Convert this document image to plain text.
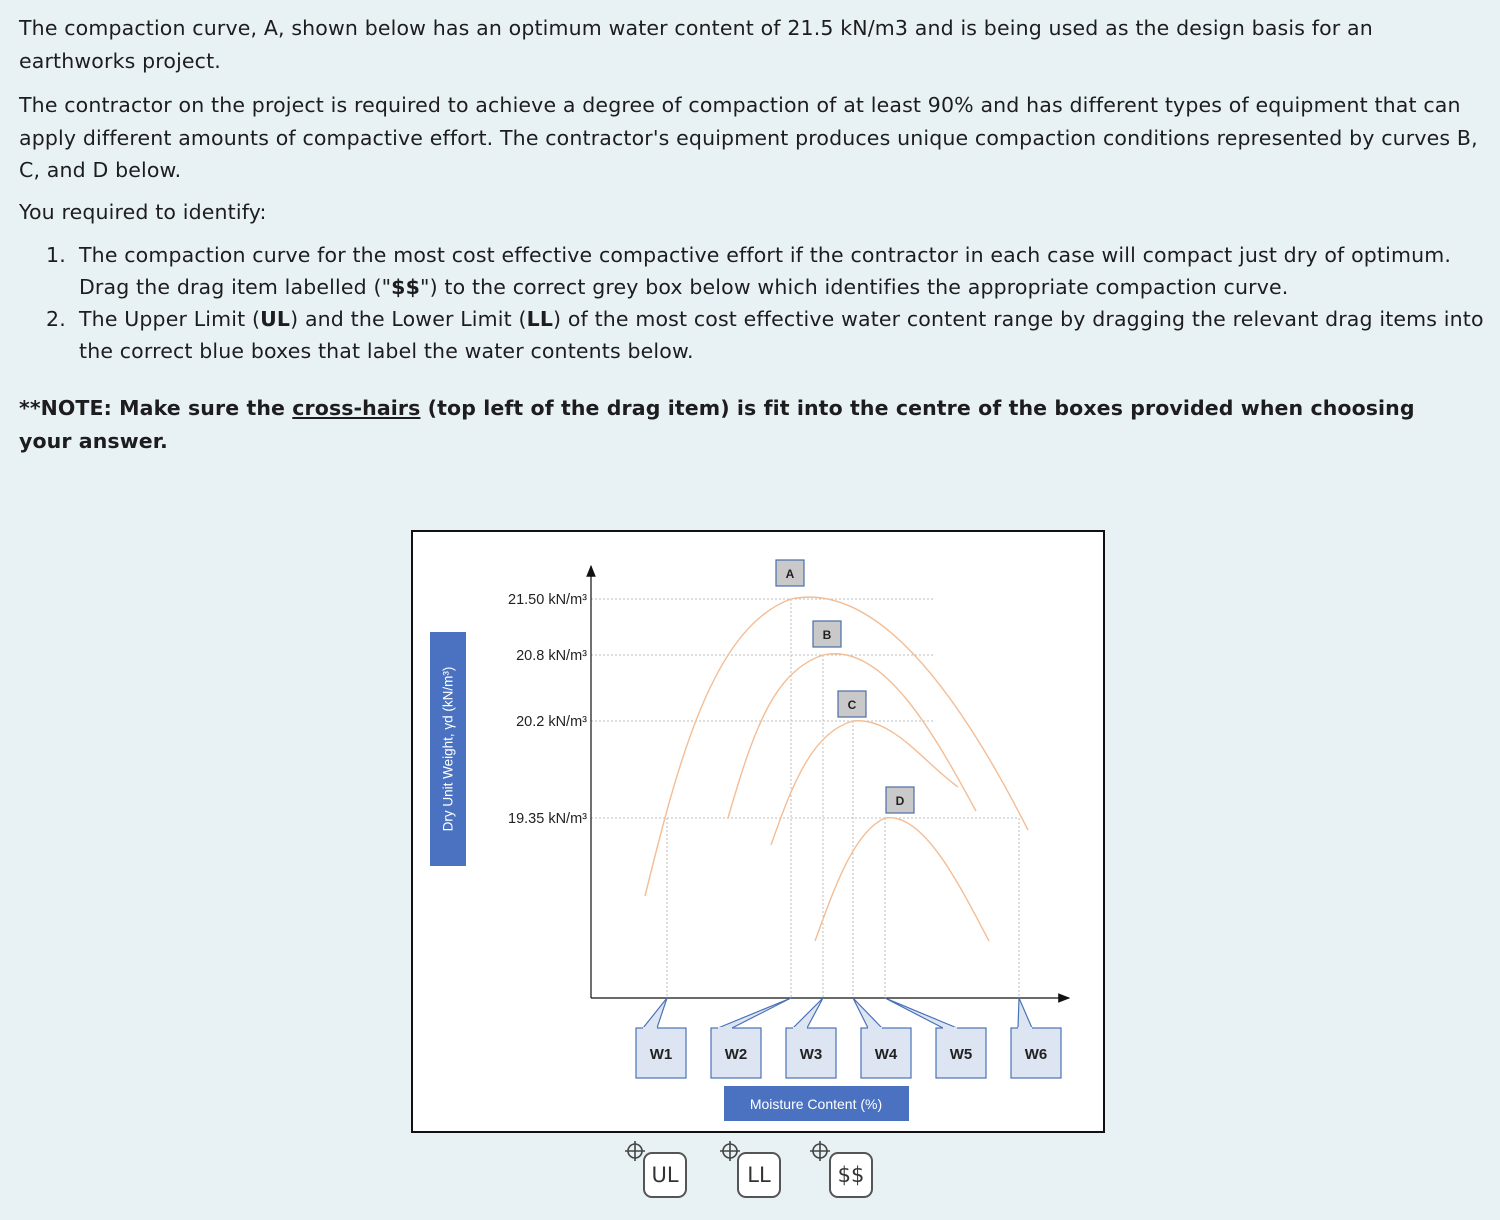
The compaction curve, A, shown below has an optimum water content of 21.5 kN/m3 and is being used as the design basis for an earthworks project.
The contractor on the project is required to achieve a degree of compaction of at least 90% and has different types of equipment that can apply different amounts of compactive effort. The contractor's equipment produces unique compaction conditions represented by curves B, C, and D below.
You required to identify:
1. The compaction curve for the most cost effective compactive effort if the contractor in each case will compact just dry of optimum. Drag the drag item labelled ("$$") to the correct grey box below which identifies the appropriate compaction curve.
2. The Upper Limit (UL) and the Lower Limit (LL) of the most cost effective water content range by dragging the relevant drag items into the correct blue boxes that label the water contents below.
**NOTE: Make sure the cross-hairs (top left of the drag item) is fit into the centre of the boxes provided when choosing your answer.
21.50 kN/m³
20.8 kN/m³
20.2 kN/m³
19.35 kN/m³
A
B
C
D
W1	W2	W3	W4	W5	W6
Dry Unit Weight, γd (kN/m³)
Moisture Content (%)
UL	LL	$$
